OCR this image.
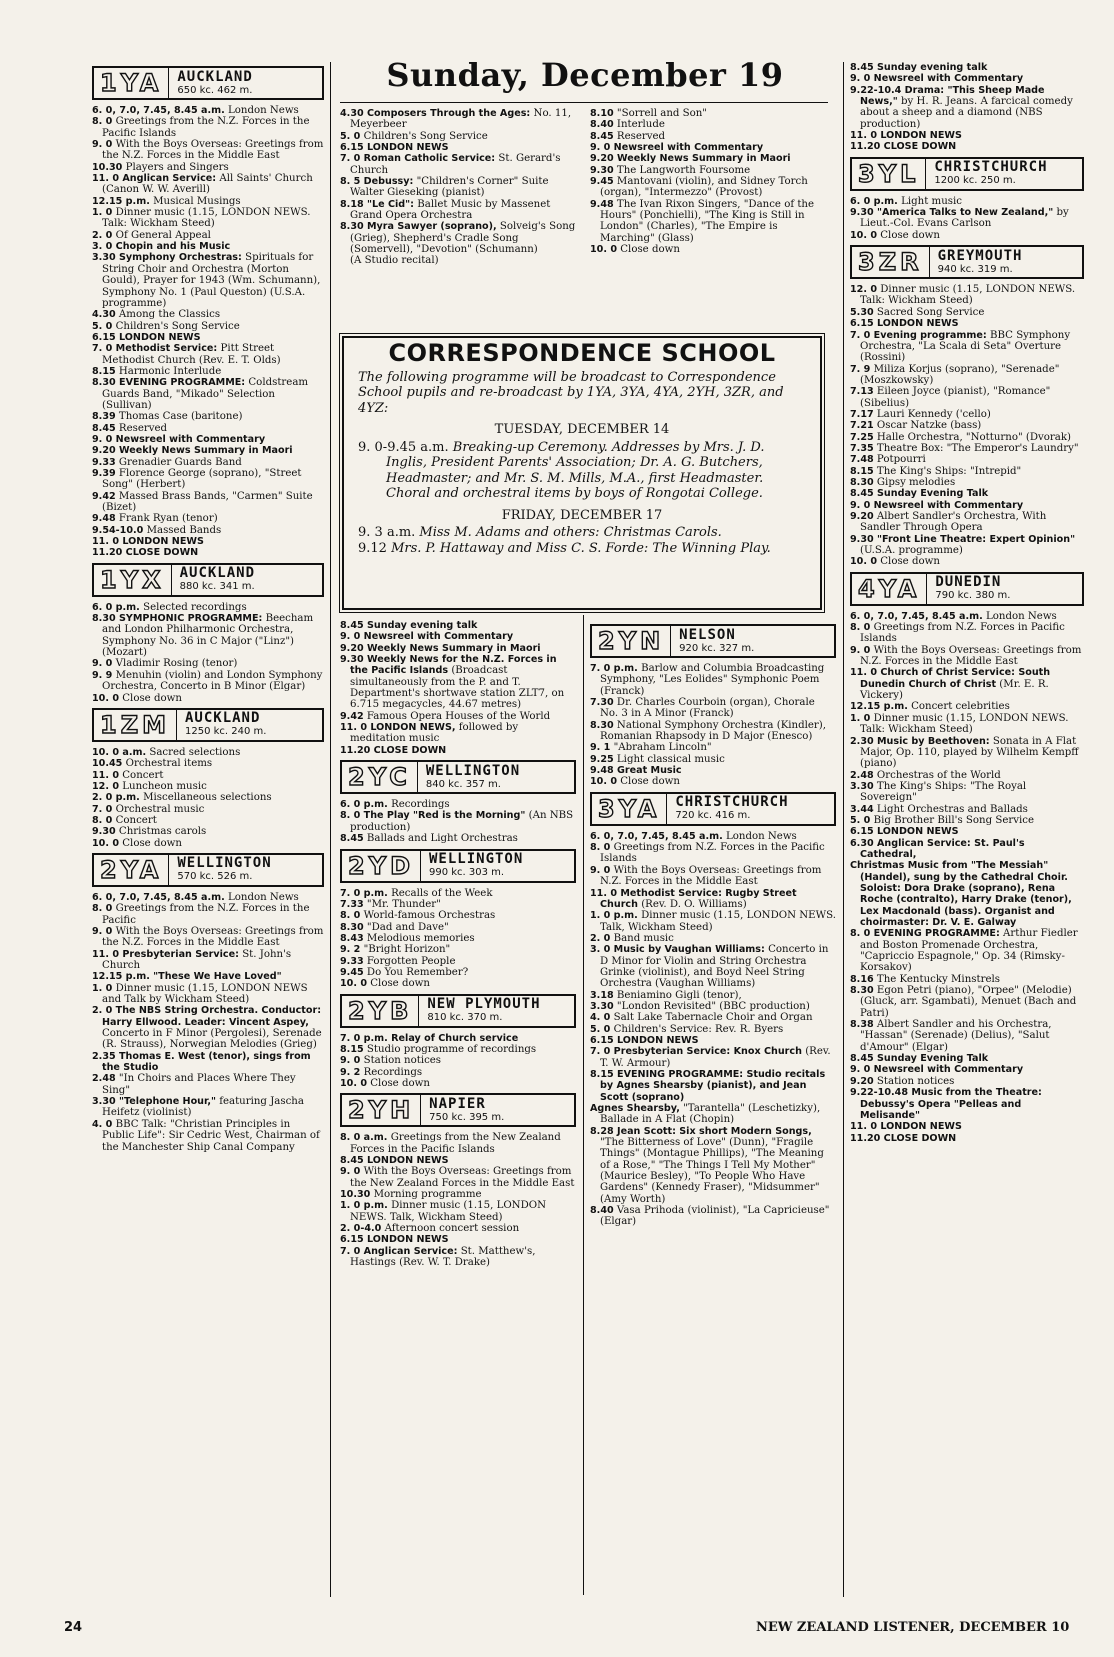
Sunday, December 19
1YA	AUCKLAND
650 kc. 462 m.

6. 0, 7.0, 7.45, 8.45 a.m. London News

8. 0 Greetings from the N.Z. Forces in the Pacific Islands

9. 0 With the Boys Overseas: Greetings from the N.Z. Forces in the Middle East

10.30 Players and Singers

11. 0 Anglican Service: All Saints' Church (Canon W. W. Averill)

12.15 p.m. Musical Musings

1. 0 Dinner music (1.15, LONDON NEWS. Talk: Wickham Steed)

2. 0 Of General Appeal

3. 0 Chopin and his Music

3.30 Symphony Orchestras: Spirituals for String Choir and Orchestra (Morton Gould), Prayer for 1943 (Wm. Schumann), Symphony No. 1 (Paul Queston) (U.S.A. programme)

4.30 Among the Classics

5. 0 Children's Song Service

6.15 LONDON NEWS

7. 0 Methodist Service: Pitt Street Methodist Church (Rev. E. T. Olds)

8.15 Harmonic Interlude

8.30 EVENING PROGRAMME: Coldstream Guards Band, "Mikado" Selection (Sullivan)

8.39 Thomas Case (baritone)

8.45 Reserved

9. 0 Newsreel with Commentary

9.20 Weekly News Summary in Maori

9.33 Grenadier Guards Band

9.39 Florence George (soprano), "Street Song" (Herbert)

9.42 Massed Brass Bands, "Carmen" Suite (Bizet)

9.48 Frank Ryan (tenor)

9.54-10.0 Massed Bands

11. 0 LONDON NEWS

11.20 CLOSE DOWN

1YX	AUCKLAND
880 kc. 341 m.

6. 0 p.m. Selected recordings

8.30 SYMPHONIC PROGRAMME: Beecham and London Philharmonic Orchestra, Symphony No. 36 in C Major ("Linz") (Mozart)

9. 0 Vladimir Rosing (tenor)

9. 9 Menuhin (violin) and London Symphony Orchestra, Concerto in B Minor (Elgar)

10. 0 Close down

1ZM	AUCKLAND
1250 kc. 240 m.

10. 0 a.m. Sacred selections

10.45 Orchestral items

11. 0 Concert

12. 0 Luncheon music

2. 0 p.m. Miscellaneous selections

7. 0 Orchestral music

8. 0 Concert

9.30 Christmas carols

10. 0 Close down

2YA	WELLINGTON
570 kc. 526 m.

6. 0, 7.0, 7.45, 8.45 a.m. London News

8. 0 Greetings from the N.Z. Forces in the Pacific

9. 0 With the Boys Overseas: Greetings from the N.Z. Forces in the Middle East

11. 0 Presbyterian Service: St. John's Church

12.15 p.m. "These We Have Loved"

1. 0 Dinner music (1.15, LONDON NEWS and Talk by Wickham Steed)

2. 0 The NBS String Orchestra. Conductor: Harry Ellwood. Leader: Vincent Aspey, Concerto in F Minor (Pergolesi), Serenade (R. Strauss), Norwegian Melodies (Grieg)

2.35 Thomas E. West (tenor), sings from the Studio

2.48 "In Choirs and Places Where They Sing"

3.30 "Telephone Hour," featuring Jascha Heifetz (violinist)

4. 0 BBC Talk: "Christian Principles in Public Life": Sir Cedric West, Chairman of the Manchester Ship Canal Company

4.30 Composers Through the Ages: No. 11, Meyerbeer

5. 0 Children's Song Service

6.15 LONDON NEWS

7. 0 Roman Catholic Service: St. Gerard's Church

8. 5 Debussy: "Children's Corner" Suite
Walter Gieseking (pianist)

8.18 "Le Cid": Ballet Music by Massenet
Grand Opera Orchestra

8.30 Myra Sawyer (soprano), Solveig's Song (Grieg), Shepherd's Cradle Song (Somervell), "Devotion" (Schumann)
(A Studio recital)

8.10 "Sorrell and Son"

8.40 Interlude

8.45 Reserved

9. 0 Newsreel with Commentary

9.20 Weekly News Summary in Maori

9.30 The Langworth Foursome

9.45 Mantovani (violin), and Sidney Torch (organ), "Intermezzo" (Provost)

9.48 The Ivan Rixon Singers, "Dance of the Hours" (Ponchielli), "The King is Still in London" (Charles), "The Empire is Marching" (Glass)

10. 0 Close down

CORRESPONDENCE SCHOOL
The following programme will be broadcast to Correspondence School pupils and re-broadcast by 1YA, 3YA, 4YA, 2YH, 3ZR, and 4YZ:
TUESDAY, DECEMBER 14

9. 0-9.45 a.m. Breaking-up Ceremony. Addresses by Mrs. J. D. Inglis, President Parents' Association; Dr. A. G. Butchers, Headmaster; and Mr. S. M. Mills, M.A., first Headmaster. Choral and orchestral items by boys of Rongotai College.

FRIDAY, DECEMBER 17

9. 3 a.m. Miss M. Adams and others: Christmas Carols.

9.12 Mrs. P. Hattaway and Miss C. S. Forde: The Winning Play.

8.45 Sunday evening talk

9. 0 Newsreel with Commentary

9.20 Weekly News Summary in Maori

9.30 Weekly News for the N.Z. Forces in the Pacific Islands (Broadcast simultaneously from the P. and T. Department's shortwave station ZLT7, on 6.715 megacycles, 44.67 metres)

9.42 Famous Opera Houses of the World

11. 0 LONDON NEWS, followed by meditation music

11.20 CLOSE DOWN

2YC	WELLINGTON
840 kc. 357 m.

6. 0 p.m. Recordings

8. 0 The Play "Red is the Morning" (An NBS production)

8.45 Ballads and Light Orchestras

2YD	WELLINGTON
990 kc. 303 m.

7. 0 p.m. Recalls of the Week

7.33 "Mr. Thunder"

8. 0 World-famous Orchestras

8.30 "Dad and Dave"

8.43 Melodious memories

9. 2 "Bright Horizon"

9.33 Forgotten People

9.45 Do You Remember?

10. 0 Close down

2YB	NEW PLYMOUTH
810 kc. 370 m.

7. 0 p.m. Relay of Church service

8.15 Studio programme of recordings

9. 0 Station notices

9. 2 Recordings

10. 0 Close down

2YH	NAPIER
750 kc. 395 m.

8. 0 a.m. Greetings from the New Zealand Forces in the Pacific Islands

8.45 LONDON NEWS

9. 0 With the Boys Overseas: Greetings from the New Zealand Forces in the Middle East

10.30 Morning programme

1. 0 p.m. Dinner music (1.15, LONDON NEWS. Talk, Wickham Steed)

2. 0-4.0 Afternoon concert session

6.15 LONDON NEWS

7. 0 Anglican Service: St. Matthew's, Hastings (Rev. W. T. Drake)

2YN	NELSON
920 kc. 327 m.

7. 0 p.m. Barlow and Columbia Broadcasting Symphony, "Les Eolides" Symphonic Poem (Franck)

7.30 Dr. Charles Courboin (organ), Chorale No. 3 in A Minor (Franck)

8.30 National Symphony Orchestra (Kindler), Romanian Rhapsody in D Major (Enesco)

9. 1 "Abraham Lincoln"

9.25 Light classical music

9.48 Great Music

10. 0 Close down

3YA	CHRISTCHURCH
720 kc. 416 m.

6. 0, 7.0, 7.45, 8.45 a.m. London News

8. 0 Greetings from N.Z. Forces in the Pacific Islands

9. 0 With the Boys Overseas: Greetings from N.Z. Forces in the Middle East

11. 0 Methodist Service: Rugby Street Church (Rev. D. O. Williams)

1. 0 p.m. Dinner music (1.15, LONDON NEWS. Talk, Wickham Steed)

2. 0 Band music

3. 0 Music by Vaughan Williams: Concerto in D Minor for Violin and String Orchestra Grinke (violinist), and Boyd Neel String Orchestra (Vaughan Williams)

3.18 Beniamino Gigli (tenor),

3.30 "London Revisited" (BBC production)

4. 0 Salt Lake Tabernacle Choir and Organ

5. 0 Children's Service: Rev. R. Byers

6.15 LONDON NEWS

7. 0 Presbyterian Service: Knox Church (Rev. T. W. Armour)

8.15 EVENING PROGRAMME: Studio recitals by Agnes Shearsby (pianist), and Jean Scott (soprano)

Agnes Shearsby, "Tarantella" (Leschetizky), Ballade in A Flat (Chopin)

8.28 Jean Scott: Six short Modern Songs, "The Bitterness of Love" (Dunn), "Fragile Things" (Montague Phillips), "The Meaning of a Rose," "The Things I Tell My Mother" (Maurice Besley), "To People Who Have Gardens" (Kennedy Fraser), "Midsummer" (Amy Worth)

8.40 Vasa Prihoda (violinist), "La Capricieuse" (Elgar)

8.45 Sunday evening talk

9. 0 Newsreel with Commentary

9.22-10.4 Drama: "This Sheep Made News," by H. R. Jeans. A farcical comedy about a sheep and a diamond (NBS production)

11. 0 LONDON NEWS

11.20 CLOSE DOWN

3YL	CHRISTCHURCH
1200 kc. 250 m.

6. 0 p.m. Light music

9.30 "America Talks to New Zealand," by Lieut.-Col. Evans Carlson

10. 0 Close down

3ZR	GREYMOUTH
940 kc. 319 m.

12. 0 Dinner music (1.15, LONDON NEWS. Talk: Wickham Steed)

5.30 Sacred Song Service

6.15 LONDON NEWS

7. 0 Evening programme: BBC Symphony Orchestra, "La Scala di Seta" Overture (Rossini)

7. 9 Miliza Korjus (soprano), "Serenade" (Moszkowsky)

7.13 Eileen Joyce (pianist), "Romance" (Sibelius)

7.17 Lauri Kennedy ('cello)

7.21 Oscar Natzke (bass)

7.25 Halle Orchestra, "Notturno" (Dvorak)

7.35 Theatre Box: "The Emperor's Laundry"

7.48 Potpourri

8.15 The King's Ships: "Intrepid"

8.30 Gipsy melodies

8.45 Sunday Evening Talk

9. 0 Newsreel with Commentary

9.20 Albert Sandler's Orchestra, With Sandler Through Opera

9.30 "Front Line Theatre: Expert Opinion" (U.S.A. programme)

10. 0 Close down

4YA	DUNEDIN
790 kc. 380 m.

6. 0, 7.0, 7.45, 8.45 a.m. London News

8. 0 Greetings from N.Z. Forces in Pacific Islands

9. 0 With the Boys Overseas: Greetings from N.Z. Forces in the Middle East

11. 0 Church of Christ Service: South Dunedin Church of Christ (Mr. E. R. Vickery)

12.15 p.m. Concert celebrities

1. 0 Dinner music (1.15, LONDON NEWS. Talk: Wickham Steed)

2.30 Music by Beethoven: Sonata in A Flat Major, Op. 110, played by Wilhelm Kempff (piano)

2.48 Orchestras of the World

3.30 The King's Ships: "The Royal Sovereign"

3.44 Light Orchestras and Ballads

5. 0 Big Brother Bill's Song Service

6.15 LONDON NEWS

6.30 Anglican Service: St. Paul's Cathedral,

Christmas Music from "The Messiah" (Handel), sung by the Cathedral Choir. Soloist: Dora Drake (soprano), Rena Roche (contralto), Harry Drake (tenor), Lex Macdonald (bass). Organist and choirmaster: Dr. V. E. Galway

8. 0 EVENING PROGRAMME: Arthur Fiedler and Boston Promenade Orchestra, "Capriccio Espagnole," Op. 34 (Rimsky-Korsakov)

8.16 The Kentucky Minstrels

8.30 Egon Petri (piano), "Orpee" (Melodie) (Gluck, arr. Sgambati), Menuet (Bach and Patri)

8.38 Albert Sandler and his Orchestra, "Hassan" (Serenade) (Delius), "Salut d'Amour" (Elgar)

8.45 Sunday Evening Talk

9. 0 Newsreel with Commentary

9.20 Station notices

9.22-10.48 Music from the Theatre: Debussy's Opera "Pelleas and Melisande"

11. 0 LONDON NEWS

11.20 CLOSE DOWN

24	NEW ZEALAND LISTENER, DECEMBER 10
